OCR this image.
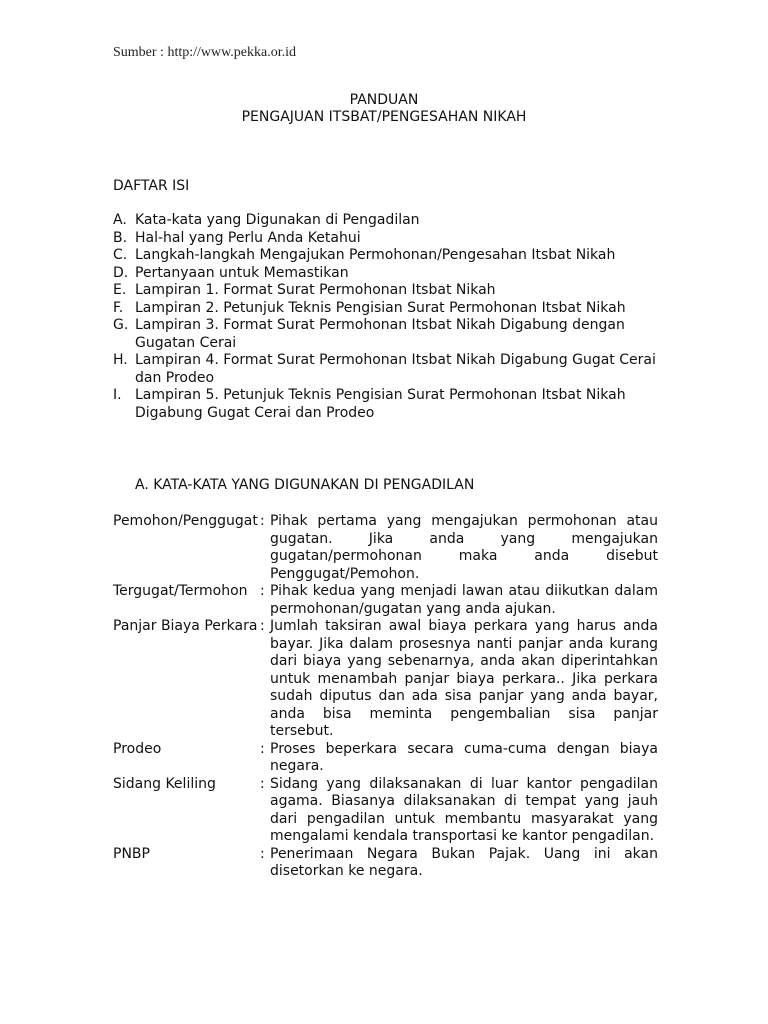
Sumber : http://www.pekka.or.id
PANDUAN
PENGAJUAN ITSBAT/PENGESAHAN NIKAH
DAFTAR ISI
A. Kata-kata yang Digunakan di Pengadilan
B. Hal-hal yang Perlu Anda Ketahui
C. Langkah-langkah Mengajukan Permohonan/Pengesahan Itsbat Nikah
D. Pertanyaan untuk Memastikan
E. Lampiran 1. Format Surat Permohonan Itsbat Nikah
F. Lampiran 2. Petunjuk Teknis Pengisian Surat Permohonan Itsbat Nikah
G. Lampiran 3. Format Surat Permohonan Itsbat Nikah Digabung dengan Gugatan Cerai
H. Lampiran 4. Format Surat Permohonan Itsbat Nikah Digabung Gugat Cerai dan Prodeo
I. Lampiran 5. Petunjuk Teknis Pengisian Surat Permohonan Itsbat Nikah Digabung Gugat Cerai dan Prodeo
A. KATA-KATA YANG DIGUNAKAN DI PENGADILAN
Pemohon/Penggugat : Pihak pertama yang mengajukan permohonan atau gugatan. Jika anda yang mengajukan gugatan/permohonan maka anda disebut Penggugat/Pemohon.
Tergugat/Termohon : Pihak kedua yang menjadi lawan atau diikutkan dalam permohonan/gugatan yang anda ajukan.
Panjar Biaya Perkara : Jumlah taksiran awal biaya perkara yang harus anda bayar. Jika dalam prosesnya nanti panjar anda kurang dari biaya yang sebenarnya, anda akan diperintahkan untuk menambah panjar biaya perkara.. Jika perkara sudah diputus dan ada sisa panjar yang anda bayar, anda bisa meminta pengembalian sisa panjar tersebut.
Prodeo	: Proses beperkara secara cuma-cuma dengan biaya negara.
Sidang Keliling	: Sidang yang dilaksanakan di luar kantor pengadilan agama. Biasanya dilaksanakan di tempat yang jauh dari pengadilan untuk membantu masyarakat yang mengalami kendala transportasi ke kantor pengadilan.
PNBP	: Penerimaan Negara Bukan Pajak. Uang ini akan disetorkan ke negara.
